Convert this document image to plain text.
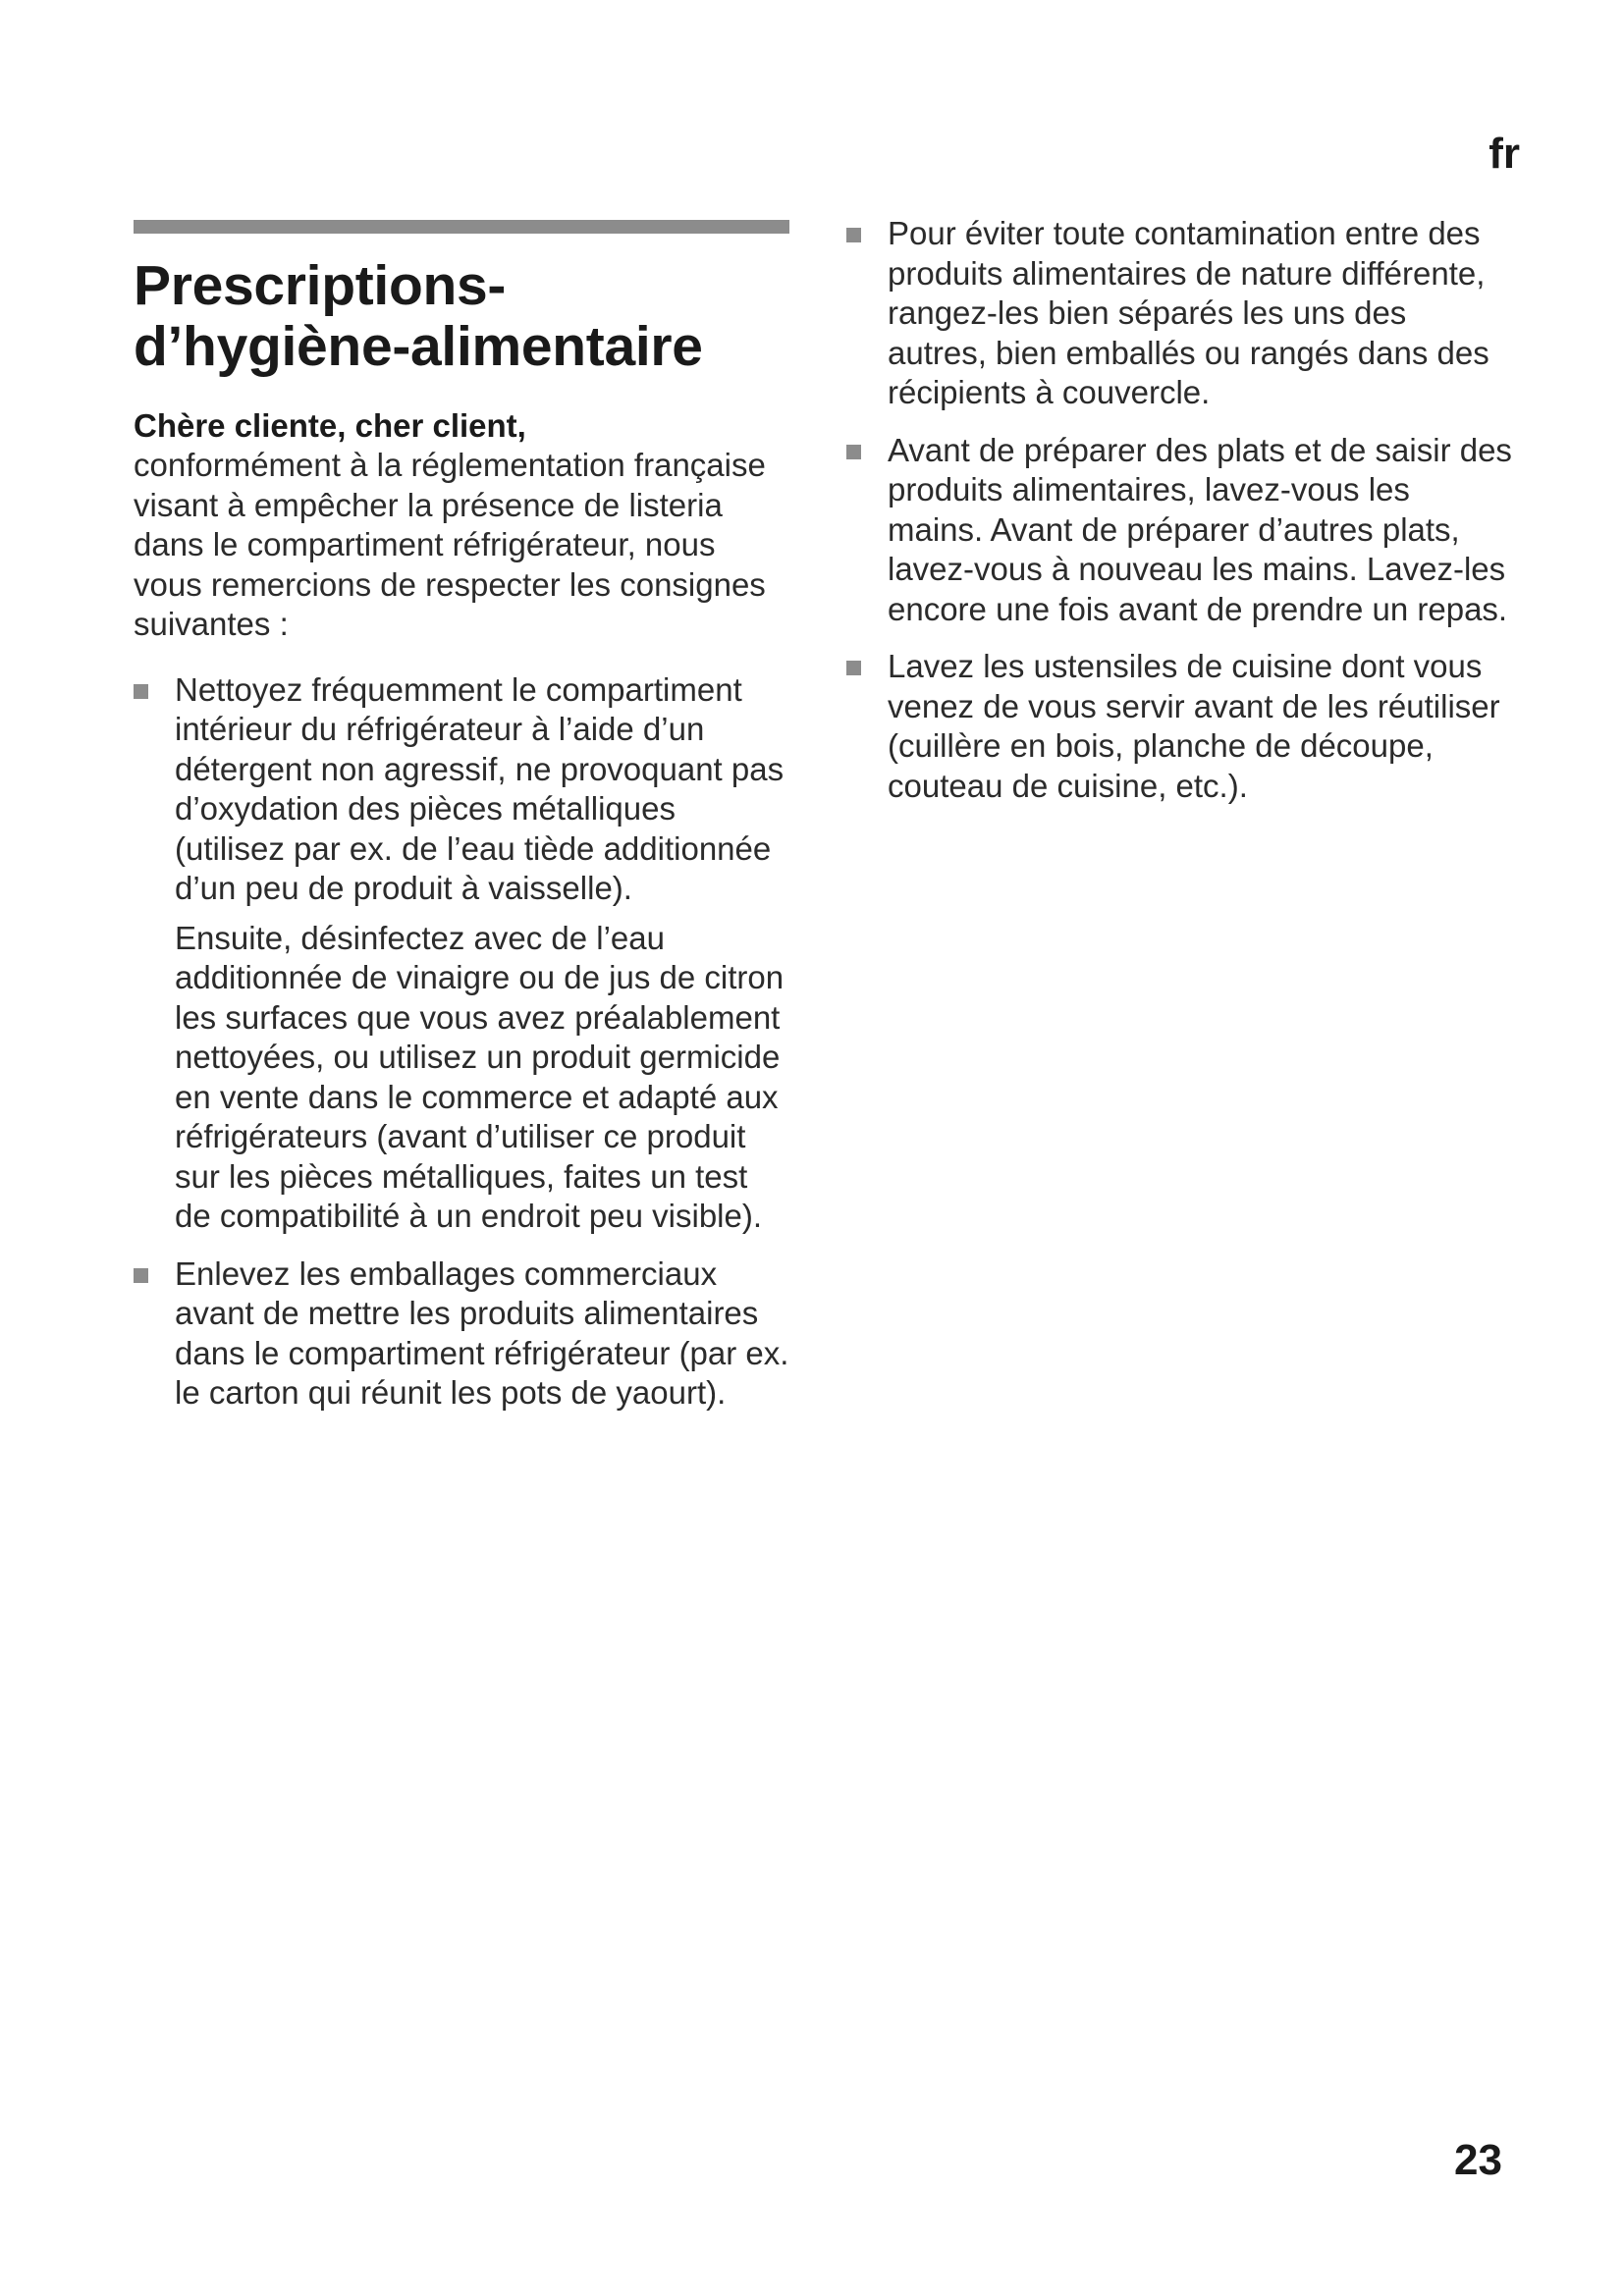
fr
Prescriptions-
d’hygiène-alimentaire
Chère cliente, cher client,

conformément à la réglementation française visant à empêcher la présence de listeria dans le compartiment réfrigérateur, nous vous remercions de respecter les consignes suivantes :

Nettoyez fréquemment le compartiment intérieur du réfrigérateur à l’aide d’un détergent non agressif, ne provoquant pas d’oxydation des pièces métalliques (utilisez par ex. de l’eau tiède additionnée d’un peu de produit à vaisselle).

Ensuite, désinfectez avec de l’eau additionnée de vinaigre ou de jus de citron les surfaces que vous avez préalablement nettoyées, ou utilisez un produit germicide en vente dans le commerce et adapté aux réfrigérateurs (avant d’utiliser ce produit sur les pièces métalliques, faites un test de compatibilité à un endroit peu visible).

Enlevez les emballages commerciaux avant de mettre les produits alimentaires dans le compartiment réfrigérateur (par ex. le carton qui réunit les pots de yaourt).

Pour éviter toute contamination entre des produits alimentaires de nature différente, rangez-les bien séparés les uns des autres, bien emballés ou rangés dans des récipients à couvercle.

Avant de préparer des plats et de saisir des produits alimentaires, lavez-vous les mains. Avant de préparer d’autres plats, lavez-vous à nouveau les mains. Lavez-les encore une fois avant de prendre un repas.

Lavez les ustensiles de cuisine dont vous venez de vous servir avant de les réutiliser (cuillère en bois, planche de découpe, couteau de cuisine, etc.).

23
